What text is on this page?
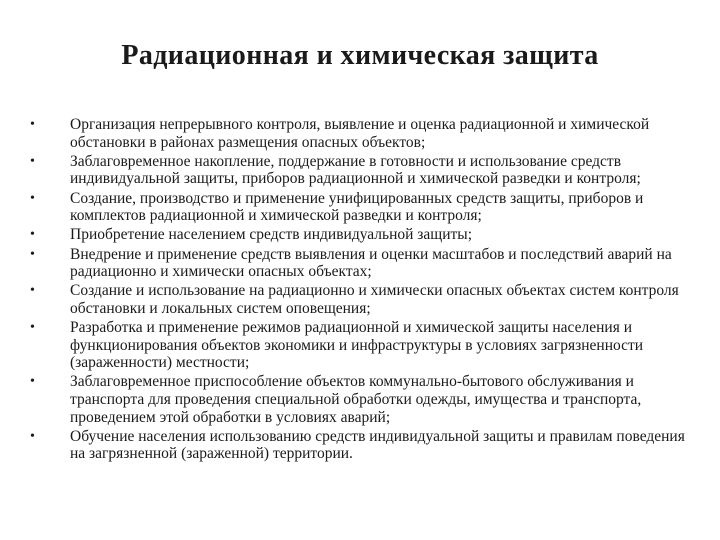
Радиационная и химическая защита
•	Организация непрерывного контроля, выявление и оценка радиационной и химической обстановки в районах размещения опасных объектов;
•	Заблаговременное накопление, поддержание в готовности и использование средств индивидуальной защиты, приборов радиационной и химической разведки и контроля;
•	Создание, производство и применение унифицированных средств защиты, приборов и комплектов радиационной и химической разведки и контроля;
•	Приобретение населением средств индивидуальной защиты;
•	Внедрение и применение средств выявления и оценки масштабов и последствий аварий на радиационно и химически опасных объектах;
•	Создание и использование на радиационно и химически опасных объектах систем контроля обстановки и локальных систем оповещения;
•	Разработка и применение режимов радиационной и химической защиты населения и функционирования объектов экономики и инфраструктуры в условиях загрязненности (зараженности) местности;
•	Заблаговременное приспособление объектов коммунально-бытового обслуживания и транспорта для проведения специальной обработки одежды, имущества и транспорта, проведением этой обработки в условиях аварий;
•	Обучение населения использованию средств индивидуальной защиты и правилам поведения на загрязненной (зараженной) территории.
